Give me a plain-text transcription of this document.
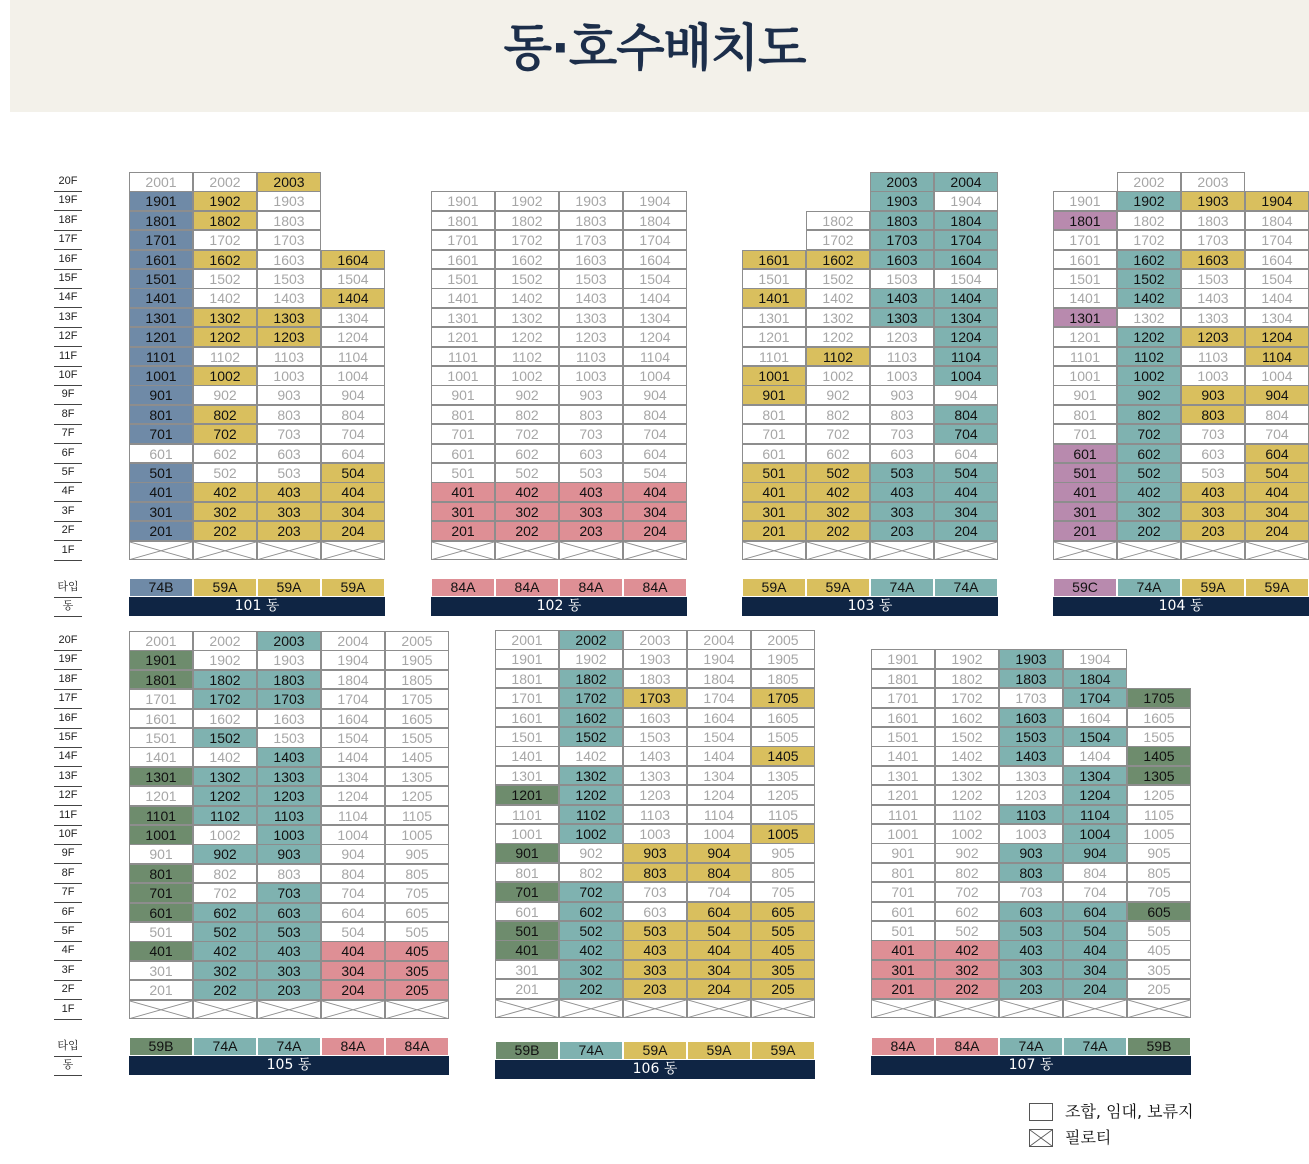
동·호수배치도
20F
19F
18F
17F
16F
15F
14F
13F
12F
11F
10F
9F
8F
7F
6F
5F
4F
3F
2F
1F
20F
19F
18F
17F
16F
15F
14F
13F
12F
11F
10F
9F
8F
7F
6F
5F
4F
3F
2F
1F
2001
1901
1801
1701
1601
1501
1401
1301
1201
1101
1001
901
801
701
601
501
401
301
201
74B
2002
1902
1802
1702
1602
1502
1402
1302
1202
1102
1002
902
802
702
602
502
402
302
202
59A
2003
1903
1803
1703
1603
1503
1403
1303
1203
1103
1003
903
803
703
603
503
403
303
203
59A
1604
1504
1404
1304
1204
1104
1004
904
804
704
604
504
404
304
204
59A
101 동
1901
1801
1701
1601
1501
1401
1301
1201
1101
1001
901
801
701
601
501
401
301
201
84A
1902
1802
1702
1602
1502
1402
1302
1202
1102
1002
902
802
702
602
502
402
302
202
84A
1903
1803
1703
1603
1503
1403
1303
1203
1103
1003
903
803
703
603
503
403
303
203
84A
1904
1804
1704
1604
1504
1404
1304
1204
1104
1004
904
804
704
604
504
404
304
204
84A
102 동
1601
1501
1401
1301
1201
1101
1001
901
801
701
601
501
401
301
201
59A
1802
1702
1602
1502
1402
1302
1202
1102
1002
902
802
702
602
502
402
302
202
59A
2003
1903
1803
1703
1603
1503
1403
1303
1203
1103
1003
903
803
703
603
503
403
303
203
74A
2004
1904
1804
1704
1604
1504
1404
1304
1204
1104
1004
904
804
704
604
504
404
304
204
74A
103 동
1901
1801
1701
1601
1501
1401
1301
1201
1101
1001
901
801
701
601
501
401
301
201
59C
2002
1902
1802
1702
1602
1502
1402
1302
1202
1102
1002
902
802
702
602
502
402
302
202
74A
2003
1903
1803
1703
1603
1503
1403
1303
1203
1103
1003
903
803
703
603
503
403
303
203
59A
1904
1804
1704
1604
1504
1404
1304
1204
1104
1004
904
804
704
604
504
404
304
204
59A
104 동
2001
1901
1801
1701
1601
1501
1401
1301
1201
1101
1001
901
801
701
601
501
401
301
201
59B
2002
1902
1802
1702
1602
1502
1402
1302
1202
1102
1002
902
802
702
602
502
402
302
202
74A
2003
1903
1803
1703
1603
1503
1403
1303
1203
1103
1003
903
803
703
603
503
403
303
203
74A
2004
1904
1804
1704
1604
1504
1404
1304
1204
1104
1004
904
804
704
604
504
404
304
204
84A
2005
1905
1805
1705
1605
1505
1405
1305
1205
1105
1005
905
805
705
605
505
405
305
205
84A
105 동
2001
1901
1801
1701
1601
1501
1401
1301
1201
1101
1001
901
801
701
601
501
401
301
201
59B
2002
1902
1802
1702
1602
1502
1402
1302
1202
1102
1002
902
802
702
602
502
402
302
202
74A
2003
1903
1803
1703
1603
1503
1403
1303
1203
1103
1003
903
803
703
603
503
403
303
203
59A
2004
1904
1804
1704
1604
1504
1404
1304
1204
1104
1004
904
804
704
604
504
404
304
204
59A
2005
1905
1805
1705
1605
1505
1405
1305
1205
1105
1005
905
805
705
605
505
405
305
205
59A
106 동
1901
1801
1701
1601
1501
1401
1301
1201
1101
1001
901
801
701
601
501
401
301
201
84A
1902
1802
1702
1602
1502
1402
1302
1202
1102
1002
902
802
702
602
502
402
302
202
84A
1903
1803
1703
1603
1503
1403
1303
1203
1103
1003
903
803
703
603
503
403
303
203
74A
1904
1804
1704
1604
1504
1404
1304
1204
1104
1004
904
804
704
604
504
404
304
204
74A
1705
1605
1505
1405
1305
1205
1105
1005
905
805
705
605
505
405
305
205
59B
107 동
타입
동
타입
동
조합, 임대, 보류지
필로티
